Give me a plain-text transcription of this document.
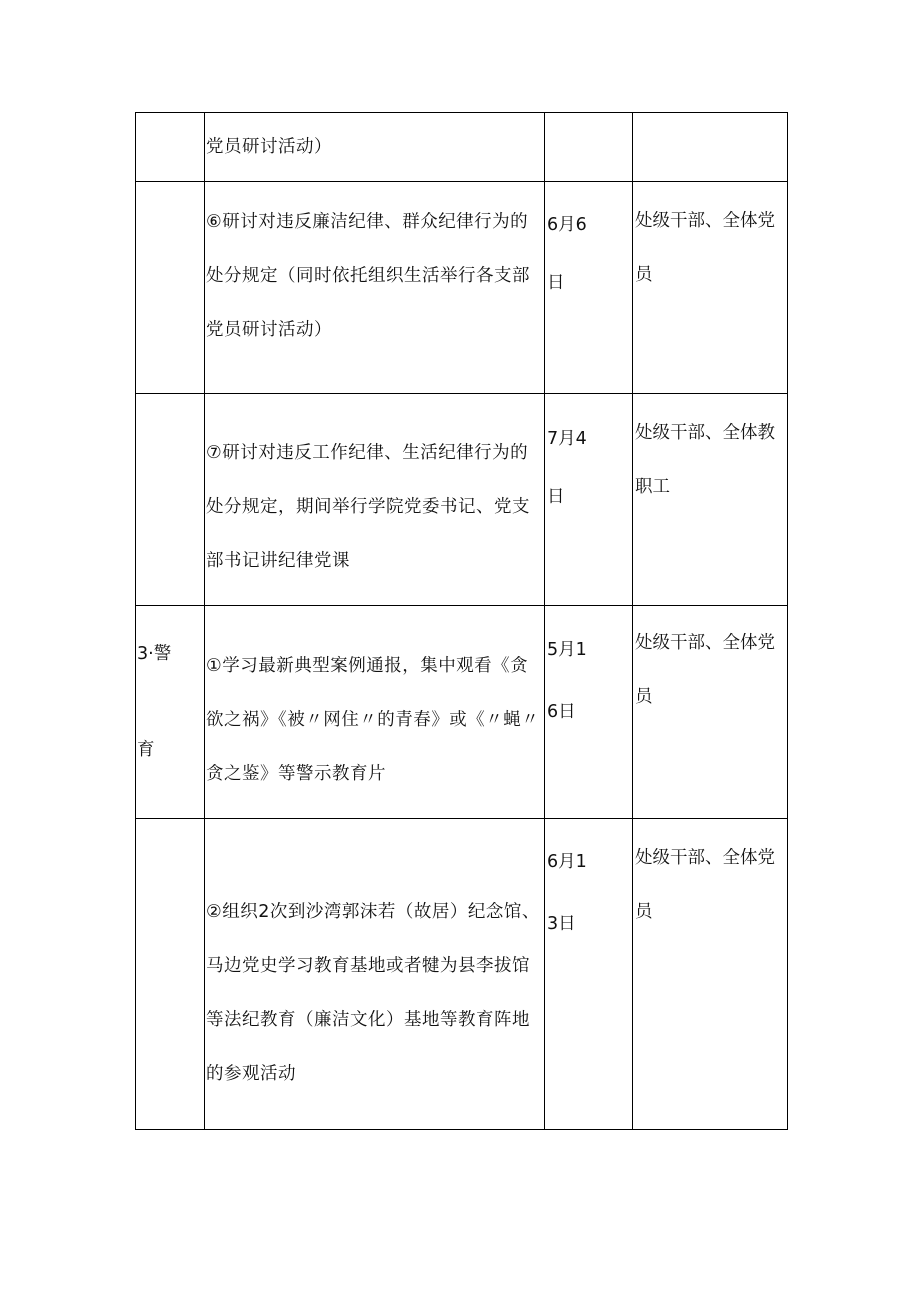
	党员研讨活动）		

	⑥研讨对违反廉洁纪律、群众纪律行为的处分规定（同时依托组织生活举行各支部党员研讨活动）	6月6日	处级干部、全体党员

	⑦研讨对违反工作纪律、生活纪律行为的处分规定，期间举行学院党委书记、党支部书记讲纪律党课	7月4日	处级干部、全体教职工

3·警育	①学习最新典型案例通报，集中观看《贪欲之祸》《被〃网住〃的青春》或《〃蝇〃贪之鉴》等警示教育片	5月16日	处级干部、全体党员

	②组织2次到沙湾郭沫若（故居）纪念馆、马边党史学习教育基地或者犍为县李拔馆等法纪教育（廉洁文化）基地等教育阵地的参观活动	6月13日	处级干部、全体党员
